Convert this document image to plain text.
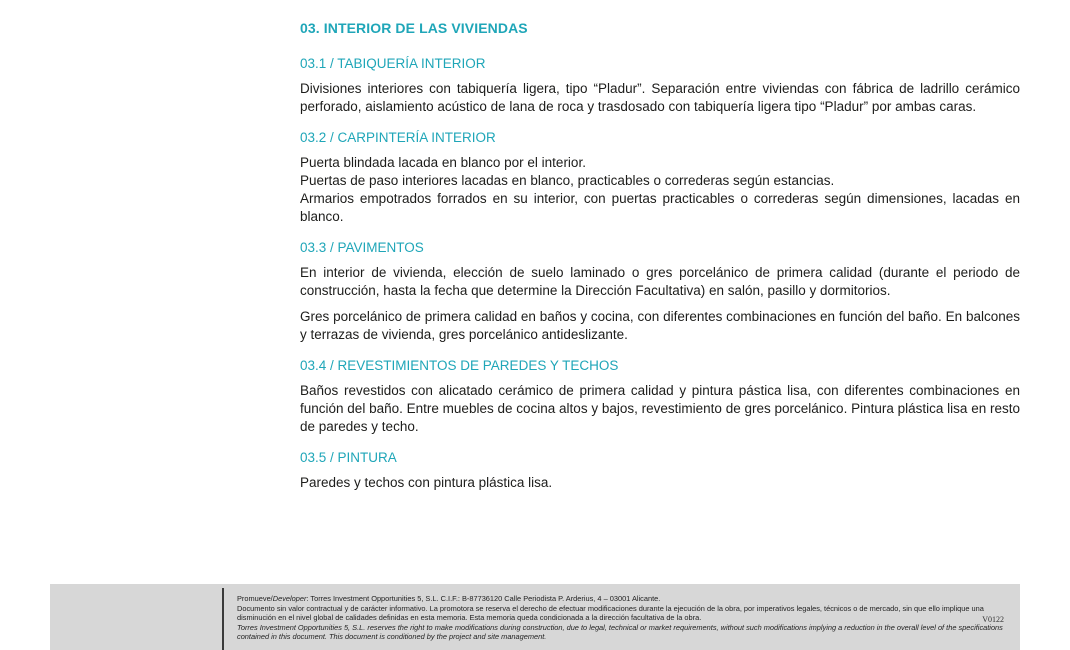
03. INTERIOR DE LAS VIVIENDAS
03.1 / TABIQUERÍA INTERIOR

Divisiones interiores con tabiquería ligera, tipo “Pladur”. Separación entre viviendas con fábrica de ladrillo cerámico perforado, aislamiento acústico de lana de roca y trasdosado con tabiquería ligera tipo “Pladur” por ambas caras.

03.2 / CARPINTERÍA INTERIOR

Puerta blindada lacada en blanco por el interior.

Puertas de paso interiores lacadas en blanco, practicables o correderas según estancias.

Armarios empotrados forrados en su interior, con puertas practicables o correderas según dimensiones, lacadas en blanco.

03.3 / PAVIMENTOS

En interior de vivienda, elección de suelo laminado o gres porcelánico de primera calidad (durante el periodo de construcción, hasta la fecha que determine la Dirección Facultativa) en salón, pasillo y dormitorios.

Gres porcelánico de primera calidad en baños y cocina, con diferentes combinaciones en función del baño. En balcones y terrazas de vivienda, gres porcelánico antideslizante.

03.4 / REVESTIMIENTOS DE PAREDES Y TECHOS

Baños revestidos con alicatado cerámico de primera calidad y pintura pástica lisa, con diferentes combinaciones en función del baño. Entre muebles de cocina altos y bajos, revestimiento de gres porcelánico. Pintura plástica lisa en resto de paredes y techo.

03.5 / PINTURA

Paredes y techos con pintura plástica lisa.

Promueve/Developer: Torres Investment Opportunities 5, S.L. C.I.F.: B-87736120 Calle Periodista P. Arderius, 4 – 03001 Alicante.
Documento sin valor contractual y de carácter informativo. La promotora se reserva el derecho de efectuar modificaciones durante la ejecución de la obra, por imperativos legales, técnicos o de mercado, sin que ello implique una disminución en el nivel global de calidades definidas en esta memoria. Esta memoria queda condicionada a la dirección facultativa de la obra.
Torres Investment Opportunities 5, S.L. reserves the right to make modifications during construction, due to legal, technical or market requirements, without such modifications implying a reduction in the overall level of the specifications contained in this document. This document is conditioned by the project and site management.
V0122
